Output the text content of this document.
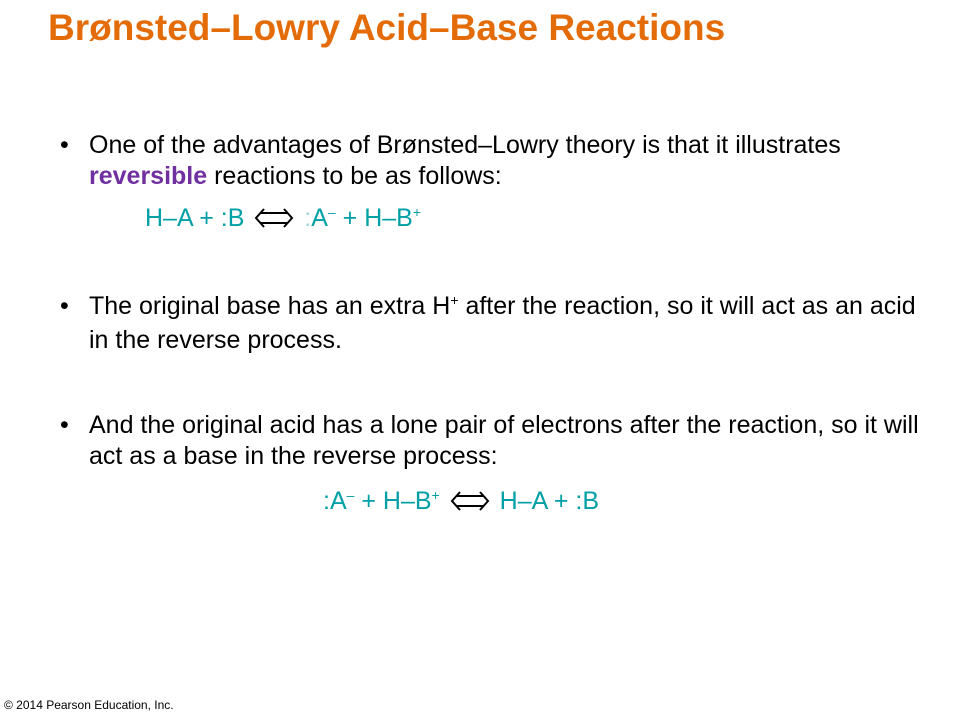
Brønsted–Lowry Acid–Base Reactions
• One of the advantages of Brønsted–Lowry theory is that it illustrates reversible reactions to be as follows:
H–A + :B :A– + H–B+
• The original base has an extra H+ after the reaction, so it will act as an acid in the reverse process.
• And the original acid has a lone pair of electrons after the reaction, so it will act as a base in the reverse process:
:A– + H–B+ H–A + :B
© 2014 Pearson Education, Inc.
